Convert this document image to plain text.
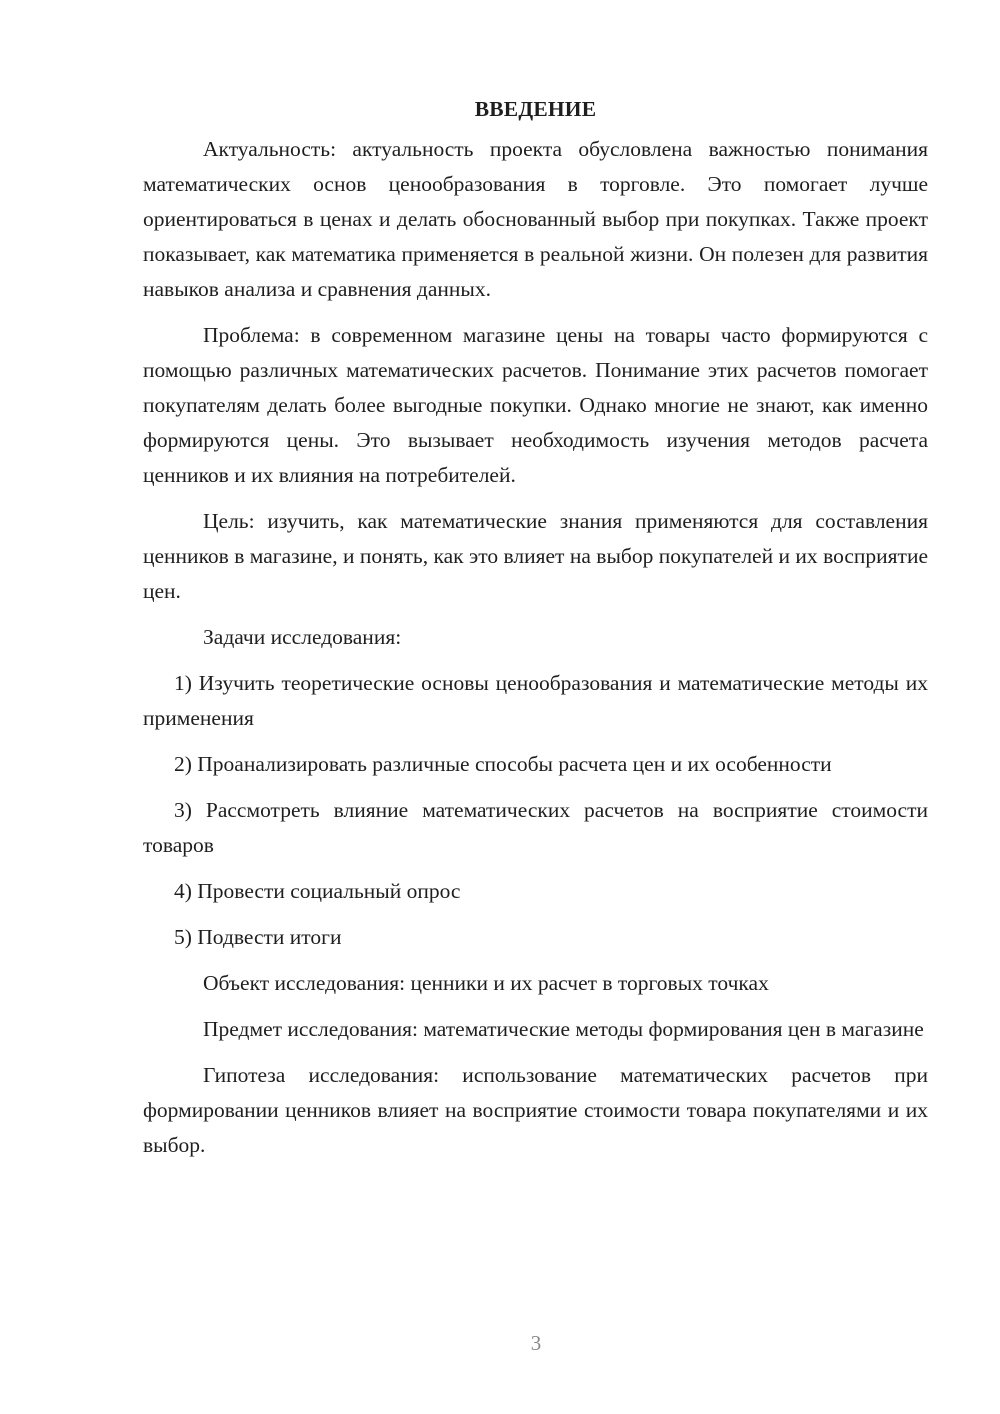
ВВЕДЕНИЕ

Актуальность: актуальность проекта обусловлена важностью понимания математических основ ценообразования в торговле. Это помогает лучше ориентироваться в ценах и делать обоснованный выбор при покупках. Также проект показывает, как математика применяется в реальной жизни. Он полезен для развития навыков анализа и сравнения данных.

Проблема: в современном магазине цены на товары часто формируются с помощью различных математических расчетов. Понимание этих расчетов помогает покупателям делать более выгодные покупки. Однако многие не знают, как именно формируются цены. Это вызывает необходимость изучения методов расчета ценников и их влияния на потребителей.

Цель: изучить, как математические знания применяются для составления ценников в магазине, и понять, как это влияет на выбор покупателей и их восприятие цен.

Задачи исследования:

1) Изучить теоретические основы ценообразования и математические методы их применения

2) Проанализировать различные способы расчета цен и их особенности

3) Рассмотреть влияние математических расчетов на восприятие стоимости товаров

4) Провести социальный опрос

5) Подвести итоги

Объект исследования: ценники и их расчет в торговых точках

Предмет исследования: математические методы формирования цен в магазине

Гипотеза исследования: использование математических расчетов при формировании ценников влияет на восприятие стоимости товара покупателями и их выбор.

3
